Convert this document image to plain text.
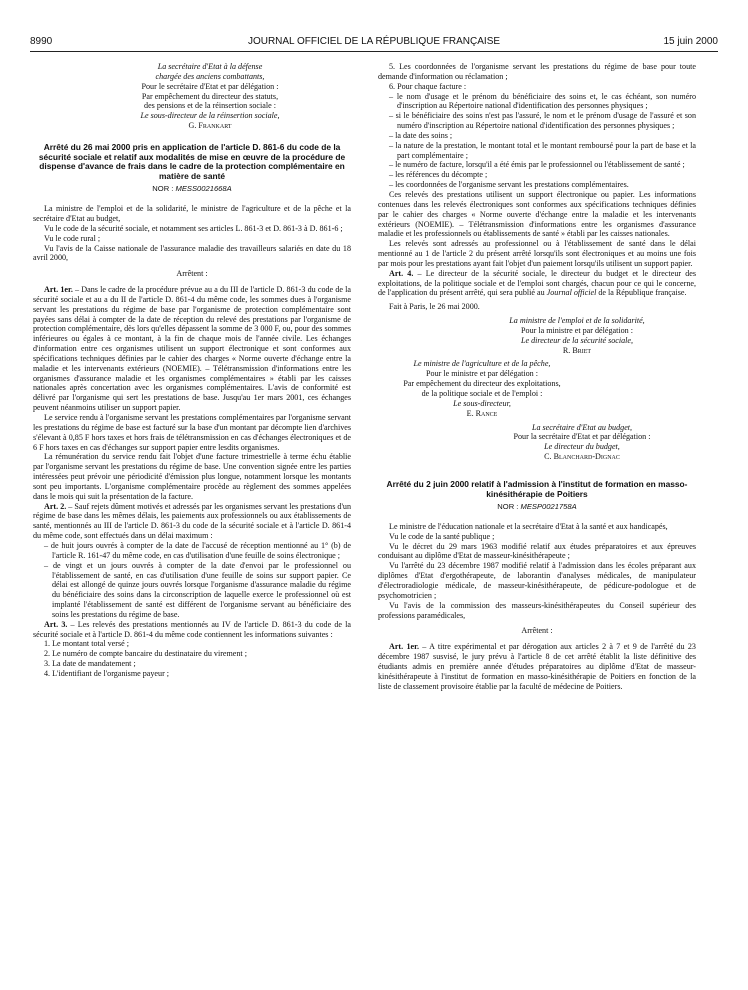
8990	JOURNAL OFFICIEL DE LA RÉPUBLIQUE FRANÇAISE	15 juin 2000

La secrétaire d'Etat à la défense

chargée des anciens combattants,

Pour le secrétaire d'Etat et par délégation :

Par empêchement du directeur des statuts,

des pensions et de la réinsertion sociale :

Le sous-directeur de la réinsertion sociale,

G. Frankart

Arrêté du 26 mai 2000 pris en application de l'article D. 861-6 du code de la sécurité sociale et relatif aux modalités de mise en œuvre de la procédure de dispense d'avance de frais dans le cadre de la protection complémentaire en matière de santé
NOR : MESS0021668A

La ministre de l'emploi et de la solidarité, le ministre de l'agriculture et de la pêche et la secrétaire d'Etat au budget,

Vu le code de la sécurité sociale, et notamment ses articles L. 861-3 et D. 861-3 à D. 861-6 ;

Vu le code rural ;

Vu l'avis de la Caisse nationale de l'assurance maladie des travailleurs salariés en date du 18 avril 2000,

Arrêtent :

Art. 1er. – Dans le cadre de la procédure prévue au a du III de l'article D. 861-3 du code de la sécurité sociale et au a du II de l'article D. 861-4 du même code, les sommes dues à l'organisme servant les prestations du régime de base par l'organisme de protection complémentaire sont payées sans délai à compter de la date de réception du relevé des prestations par l'organisme de protection complémentaire, dès lors qu'elles dépassent la somme de 3 000 F, ou, pour des sommes inférieures ou égales à ce montant, à la fin de chaque mois de l'année civile. Les échanges d'information entre ces organismes utilisent un support électronique et sont conformes aux spécifications techniques définies par le cahier des charges « Norme ouverte d'échange entre la maladie et les intervenants extérieurs (NOEMIE). – Télétransmission d'informations entre les organismes d'assurance maladie et les organismes complémentaires » établi par les caisses nationales après concertation avec les organismes complémentaires. L'avis de conformité est délivré par l'organisme qui sert les prestations de base. Jusqu'au 1er mars 2001, ces échanges peuvent néanmoins utiliser un support papier.

Le service rendu à l'organisme servant les prestations complémentaires par l'organisme servant les prestations du régime de base est facturé sur la base d'un montant par décompte lien d'archives s'élevant à 0,85 F hors taxes et hors frais de télétransmission en cas d'échanges électroniques et de 6 F hors taxes en cas d'échanges sur support papier entre lesdits organismes.

La rémunération du service rendu fait l'objet d'une facture trimestrielle à terme échu établie par l'organisme servant les prestations du régime de base. Une convention signée entre les parties intéressées peut prévoir une périodicité d'émission plus longue, notamment lorsque les montants sont peu importants. L'organisme complémentaire procède au règlement des sommes appelées dans le mois qui suit la présentation de la facture.

Art. 2. – Sauf rejets dûment motivés et adressés par les organismes servant les prestations d'un régime de base dans les mêmes délais, les paiements aux professionnels ou aux établissements de santé, mentionnés au III de l'article D. 861-3 du code de la sécurité sociale et à l'article D. 861-4 du même code, sont effectués dans un délai maximum :

– de huit jours ouvrés à compter de la date de l'accusé de réception mentionné au 1° (b) de l'article R. 161-47 du même code, en cas d'utilisation d'une feuille de soins électronique ;
– de vingt et un jours ouvrés à compter de la date d'envoi par le professionnel ou l'établissement de santé, en cas d'utilisation d'une feuille de soins sur support papier. Ce délai est allongé de quinze jours ouvrés lorsque l'organisme d'assurance maladie du régime du bénéficiaire des soins dans la circonscription de laquelle exerce le professionnel où est implanté l'établissement de santé est différent de l'organisme servant au bénéficiaire des soins les prestations du régime de base.

Art. 3. – Les relevés des prestations mentionnés au IV de l'article D. 861-3 du code de la sécurité sociale et à l'article D. 861-4 du même code contiennent les informations suivantes :

1. Le montant total versé ;
2. Le numéro de compte bancaire du destinataire du virement ;
3. La date de mandatement ;
4. L'identifiant de l'organisme payeur ;

5. Les coordonnées de l'organisme servant les prestations du régime de base pour toute demande d'information ou réclamation ;

6. Pour chaque facture :

– le nom d'usage et le prénom du bénéficiaire des soins et, le cas échéant, son numéro d'inscription au Répertoire national d'identification des personnes physiques ;
– si le bénéficiaire des soins n'est pas l'assuré, le nom et le prénom d'usage de l'assuré et son numéro d'inscription au Répertoire national d'identification des personnes physiques ;
– la date des soins ;
– la nature de la prestation, le montant total et le montant remboursé pour la part de base et la part complémentaire ;
– le numéro de facture, lorsqu'il a été émis par le professionnel ou l'établissement de santé ;
– les références du décompte ;
– les coordonnées de l'organisme servant les prestations complémentaires.

Ces relevés des prestations utilisent un support électronique ou papier. Les informations contenues dans les relevés électroniques sont conformes aux spécifications techniques définies par le cahier des charges « Norme ouverte d'échange entre la maladie et les intervenants extérieurs (NOEMIE). – Télétransmission d'informations entre les organismes d'assurance maladie et les professionnels ou établissements de santé » établi par les caisses nationales.

Les relevés sont adressés au professionnel ou à l'établissement de santé dans le délai mentionné au 1 de l'article 2 du présent arrêté lorsqu'ils sont électroniques et au moins une fois par mois pour les prestations ayant fait l'objet d'un paiement lorsqu'ils utilisent un support papier.

Art. 4. – Le directeur de la sécurité sociale, le directeur du budget et le directeur des exploitations, de la politique sociale et de l'emploi sont chargés, chacun pour ce qui le concerne, de l'application du présent arrêté, qui sera publié au Journal officiel de la République française.

Fait à Paris, le 26 mai 2000.

La ministre de l'emploi et de la solidarité,

Pour la ministre et par délégation :

Le directeur de la sécurité sociale,

R. Briet

Le ministre de l'agriculture et de la pêche,

Pour le ministre et par délégation :

Par empêchement du directeur des exploitations,

de la politique sociale et de l'emploi :

Le sous-directeur,

E. Rance

La secrétaire d'Etat au budget,

Pour la secrétaire d'Etat et par délégation :

Le directeur du budget,

C. Blanchard-Dignac

Arrêté du 2 juin 2000 relatif à l'admission à l'institut de formation en masso-kinésithérapie de Poitiers
NOR : MESP0021758A

Le ministre de l'éducation nationale et la secrétaire d'Etat à la santé et aux handicapés,

Vu le code de la santé publique ;

Vu le décret du 29 mars 1963 modifié relatif aux études préparatoires et aux épreuves conduisant au diplôme d'Etat de masseur-kinésithérapeute ;

Vu l'arrêté du 23 décembre 1987 modifié relatif à l'admission dans les écoles préparant aux diplômes d'Etat d'ergothérapeute, de laborantin d'analyses médicales, de manipulateur d'électroradiologie médicale, de masseur-kinésithérapeute, de pédicure-podologue et de psychomotricien ;

Vu l'avis de la commission des masseurs-kinésithérapeutes du Conseil supérieur des professions paramédicales,

Arrêtent :

Art. 1er. – A titre expérimental et par dérogation aux articles 2 à 7 et 9 de l'arrêté du 23 décembre 1987 susvisé, le jury prévu à l'article 8 de cet arrêté établit la liste définitive des étudiants admis en première année d'études préparatoires au diplôme d'Etat de masseur-kinésithérapeute à l'institut de formation en masso-kinésithérapie de Poitiers en fonction de la liste de classement provisoire établie par la faculté de médecine de Poitiers.
